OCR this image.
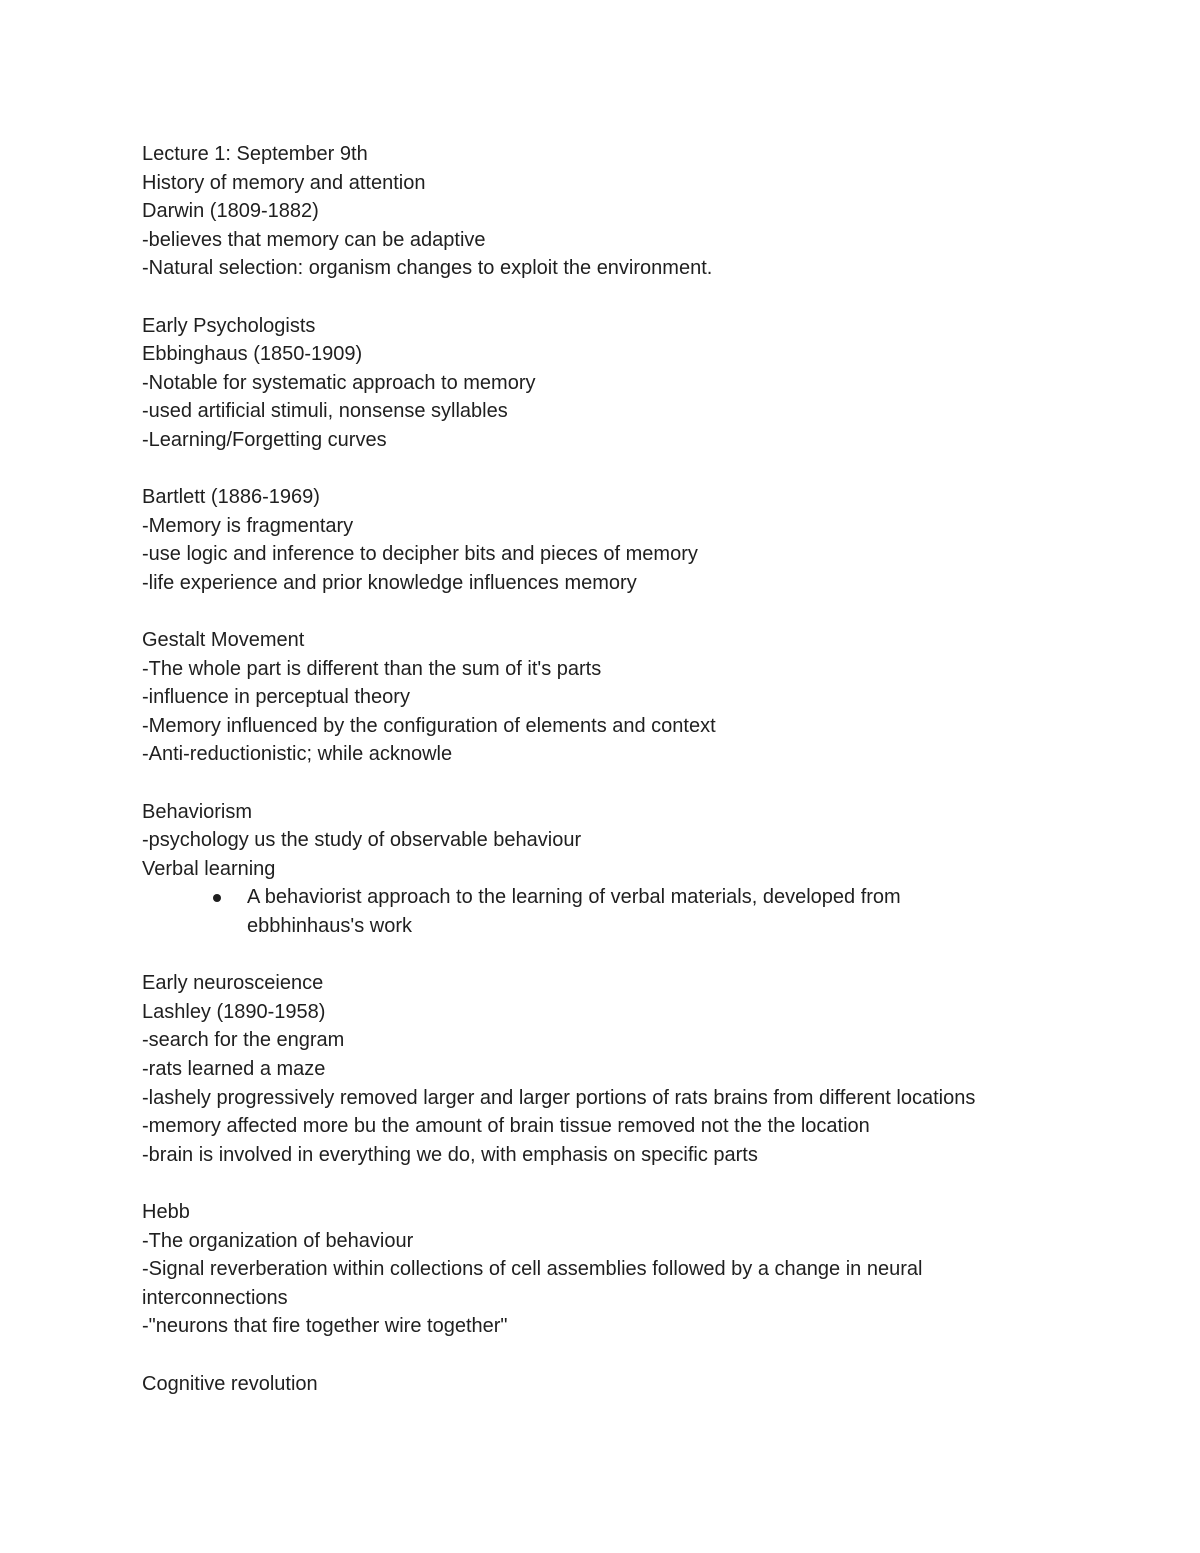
Lecture 1: September 9th
History of memory and attention
Darwin (1809-1882)
-believes that memory can be adaptive
-Natural selection: organism changes to exploit the environment.
Early Psychologists
Ebbinghaus (1850-1909)
-Notable for systematic approach to memory
-used artificial stimuli, nonsense syllables
-Learning/Forgetting curves
Bartlett (1886-1969)
-Memory is fragmentary
-use logic and inference to decipher bits and pieces of memory
-life experience and prior knowledge influences memory
Gestalt Movement
-The whole part is different than the sum of it's parts
-influence in perceptual theory
-Memory influenced by the configuration of elements and context
-Anti-reductionistic; while acknowle
Behaviorism
-psychology us the study of observable behaviour
Verbal learning
A behaviorist approach to the learning of verbal materials, developed from ebbhinhaus's work
Early neurosceience
Lashley (1890-1958)
-search for the engram
-rats learned a maze
-lashely progressively removed larger and larger portions of rats brains from different locations
-memory affected more bu the amount of brain tissue removed not the the location
-brain is involved in everything we do, with emphasis on specific parts
Hebb
-The organization of behaviour
-Signal reverberation within collections of cell assemblies followed by a change in neural
interconnections
-"neurons that fire together wire together"
Cognitive revolution
